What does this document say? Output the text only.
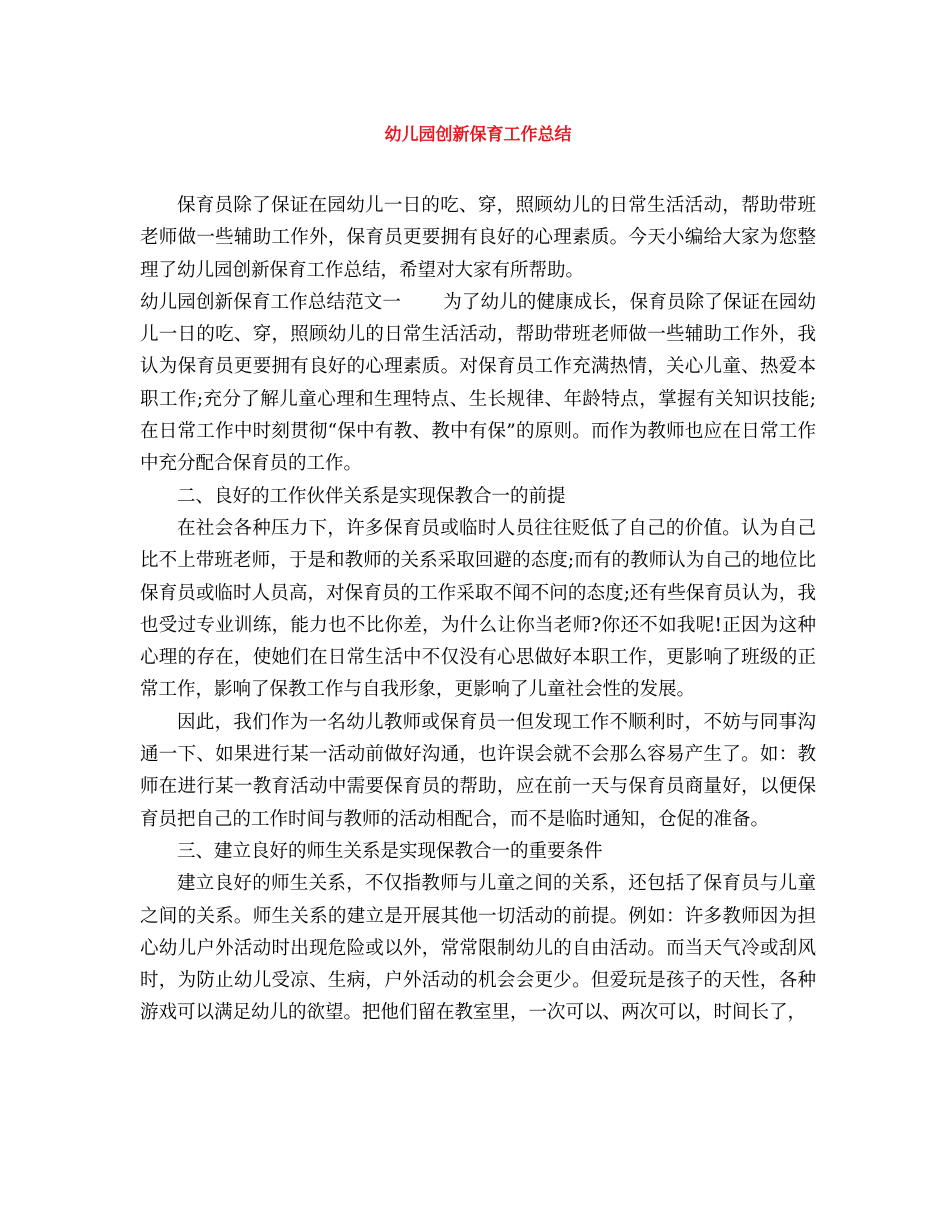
幼儿园创新保育工作总结

保育员除了保证在园幼儿一日的吃、穿，照顾幼儿的日常生活活动，帮助带班老师做一些辅助工作外，保育员更要拥有良好的心理素质。今天小编给大家为您整理了幼儿园创新保育工作总结，希望对大家有所帮助。

幼儿园创新保育工作总结范文一 为了幼儿的健康成长，保育员除了保证在园幼儿一日的吃、穿，照顾幼儿的日常生活活动，帮助带班老师做一些辅助工作外，我认为保育员更要拥有良好的心理素质。对保育员工作充满热情，关心儿童、热爱本职工作;充分了解儿童心理和生理特点、生长规律、年龄特点，掌握有关知识技能;在日常工作中时刻贯彻“保中有教、教中有保”的原则。而作为教师也应在日常工作中充分配合保育员的工作。

二、良好的工作伙伴关系是实现保教合一的前提

在社会各种压力下，许多保育员或临时人员往往贬低了自己的价值。认为自己比不上带班老师，于是和教师的关系采取回避的态度;而有的教师认为自己的地位比保育员或临时人员高，对保育员的工作采取不闻不问的态度;还有些保育员认为，我也受过专业训练，能力也不比你差，为什么让你当老师?你还不如我呢!正因为这种心理的存在，使她们在日常生活中不仅没有心思做好本职工作，更影响了班级的正常工作，影响了保教工作与自我形象，更影响了儿童社会性的发展。

因此，我们作为一名幼儿教师或保育员一但发现工作不顺利时，不妨与同事沟通一下、如果进行某一活动前做好沟通，也许误会就不会那么容易产生了。如：教师在进行某一教育活动中需要保育员的帮助，应在前一天与保育员商量好，以便保育员把自己的工作时间与教师的活动相配合，而不是临时通知，仓促的准备。

三、建立良好的师生关系是实现保教合一的重要条件

建立良好的师生关系，不仅指教师与儿童之间的关系，还包括了保育员与儿童之间的关系。师生关系的建立是开展其他一切活动的前提。例如：许多教师因为担心幼儿户外活动时出现危险或以外，常常限制幼儿的自由活动。而当天气冷或刮风时，为防止幼儿受凉、生病，户外活动的机会会更少。但爱玩是孩子的天性，各种游戏可以满足幼儿的欲望。把他们留在教室里，一次可以、两次可以，时间长了，
